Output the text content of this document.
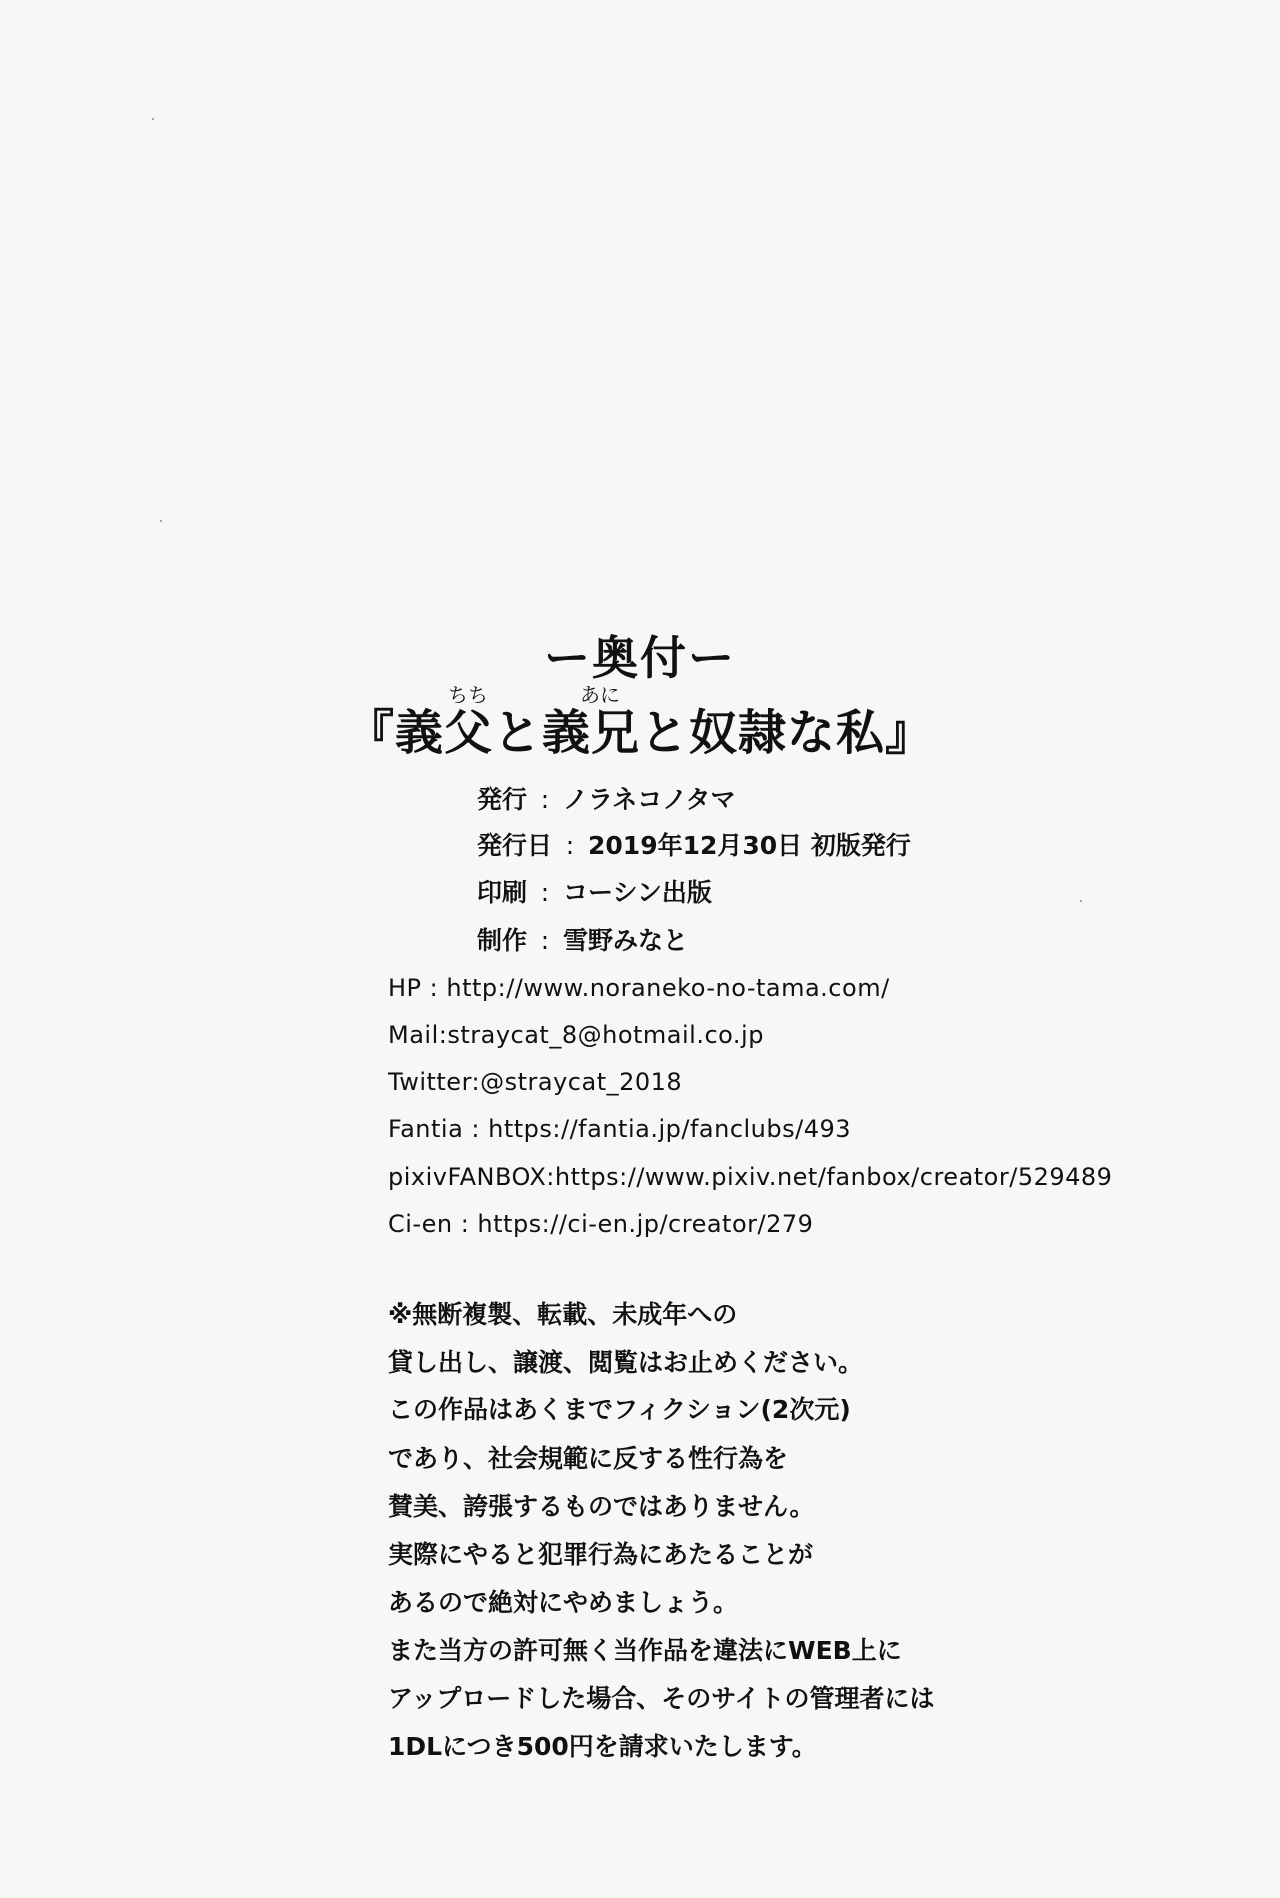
ー奥付ー
ちち	あに
『義父と義兄と奴隷な私』
発行 : ノラネコノタマ
発行日 : 2019年12月30日 初版発行
印刷 : コーシン出版
制作 : 雪野みなと
HP : http://www.noraneko-no-tama.com/
Mail:straycat_8@hotmail.co.jp
Twitter:@straycat_2018
Fantia : https://fantia.jp/fanclubs/493
pixivFANBOX:https://www.pixiv.net/fanbox/creator/529489
Ci-en : https://ci-en.jp/creator/279
※無断複製、転載、未成年への
貸し出し、譲渡、閲覧はお止めください。
この作品はあくまでフィクション(2次元)
であり、社会規範に反する性行為を
賛美、誇張するものではありません。
実際にやると犯罪行為にあたることが
あるので絶対にやめましょう。
また当方の許可無く当作品を違法にWEB上に
アップロードした場合、そのサイトの管理者には
1DLにつき500円を請求いたします。
